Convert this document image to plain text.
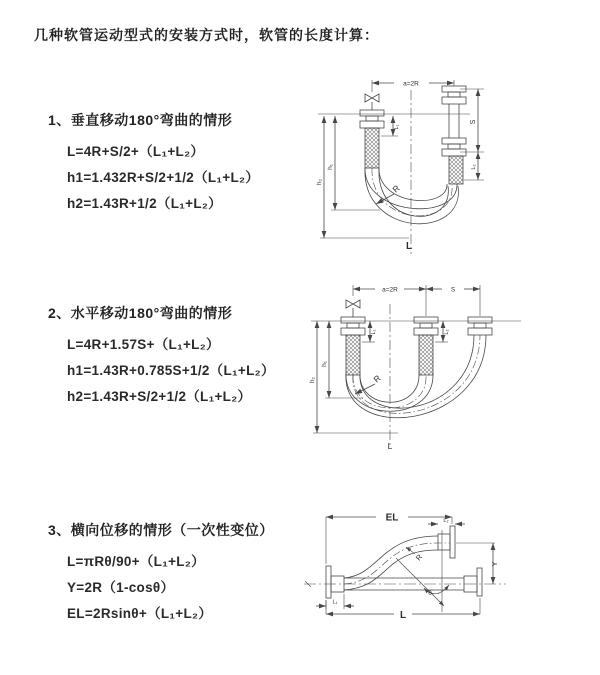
几种软管运动型式的安装方式时，软管的长度计算：
1、垂直移动180°弯曲的情形
L=4R+S/2+（L₁+L₂）
h1=1.432R+S/2+1/2（L₁+L₂）
h2=1.43R+1/2（L₁+L₂）
a=2R
S
L₂
L₁
h₂
h₁
R
L
2、水平移动180°弯曲的情形
L=4R+1.57S+（L₁+L₂）
h1=1.43R+0.785S+1/2（L₁+L₂）
h2=1.43R+S/2+1/2（L₁+L₂）
a=2R	S
h₂
h₁
L₁	L₂
R
L
3、横向位移的情形（一次性变位）
L=πRθ/90+（L₁+L₂）
Y=2R（1-cosθ）
EL=2Rsinθ+（L₁+L₂）
EL	L₂
Y
R
θ
L
L₁
